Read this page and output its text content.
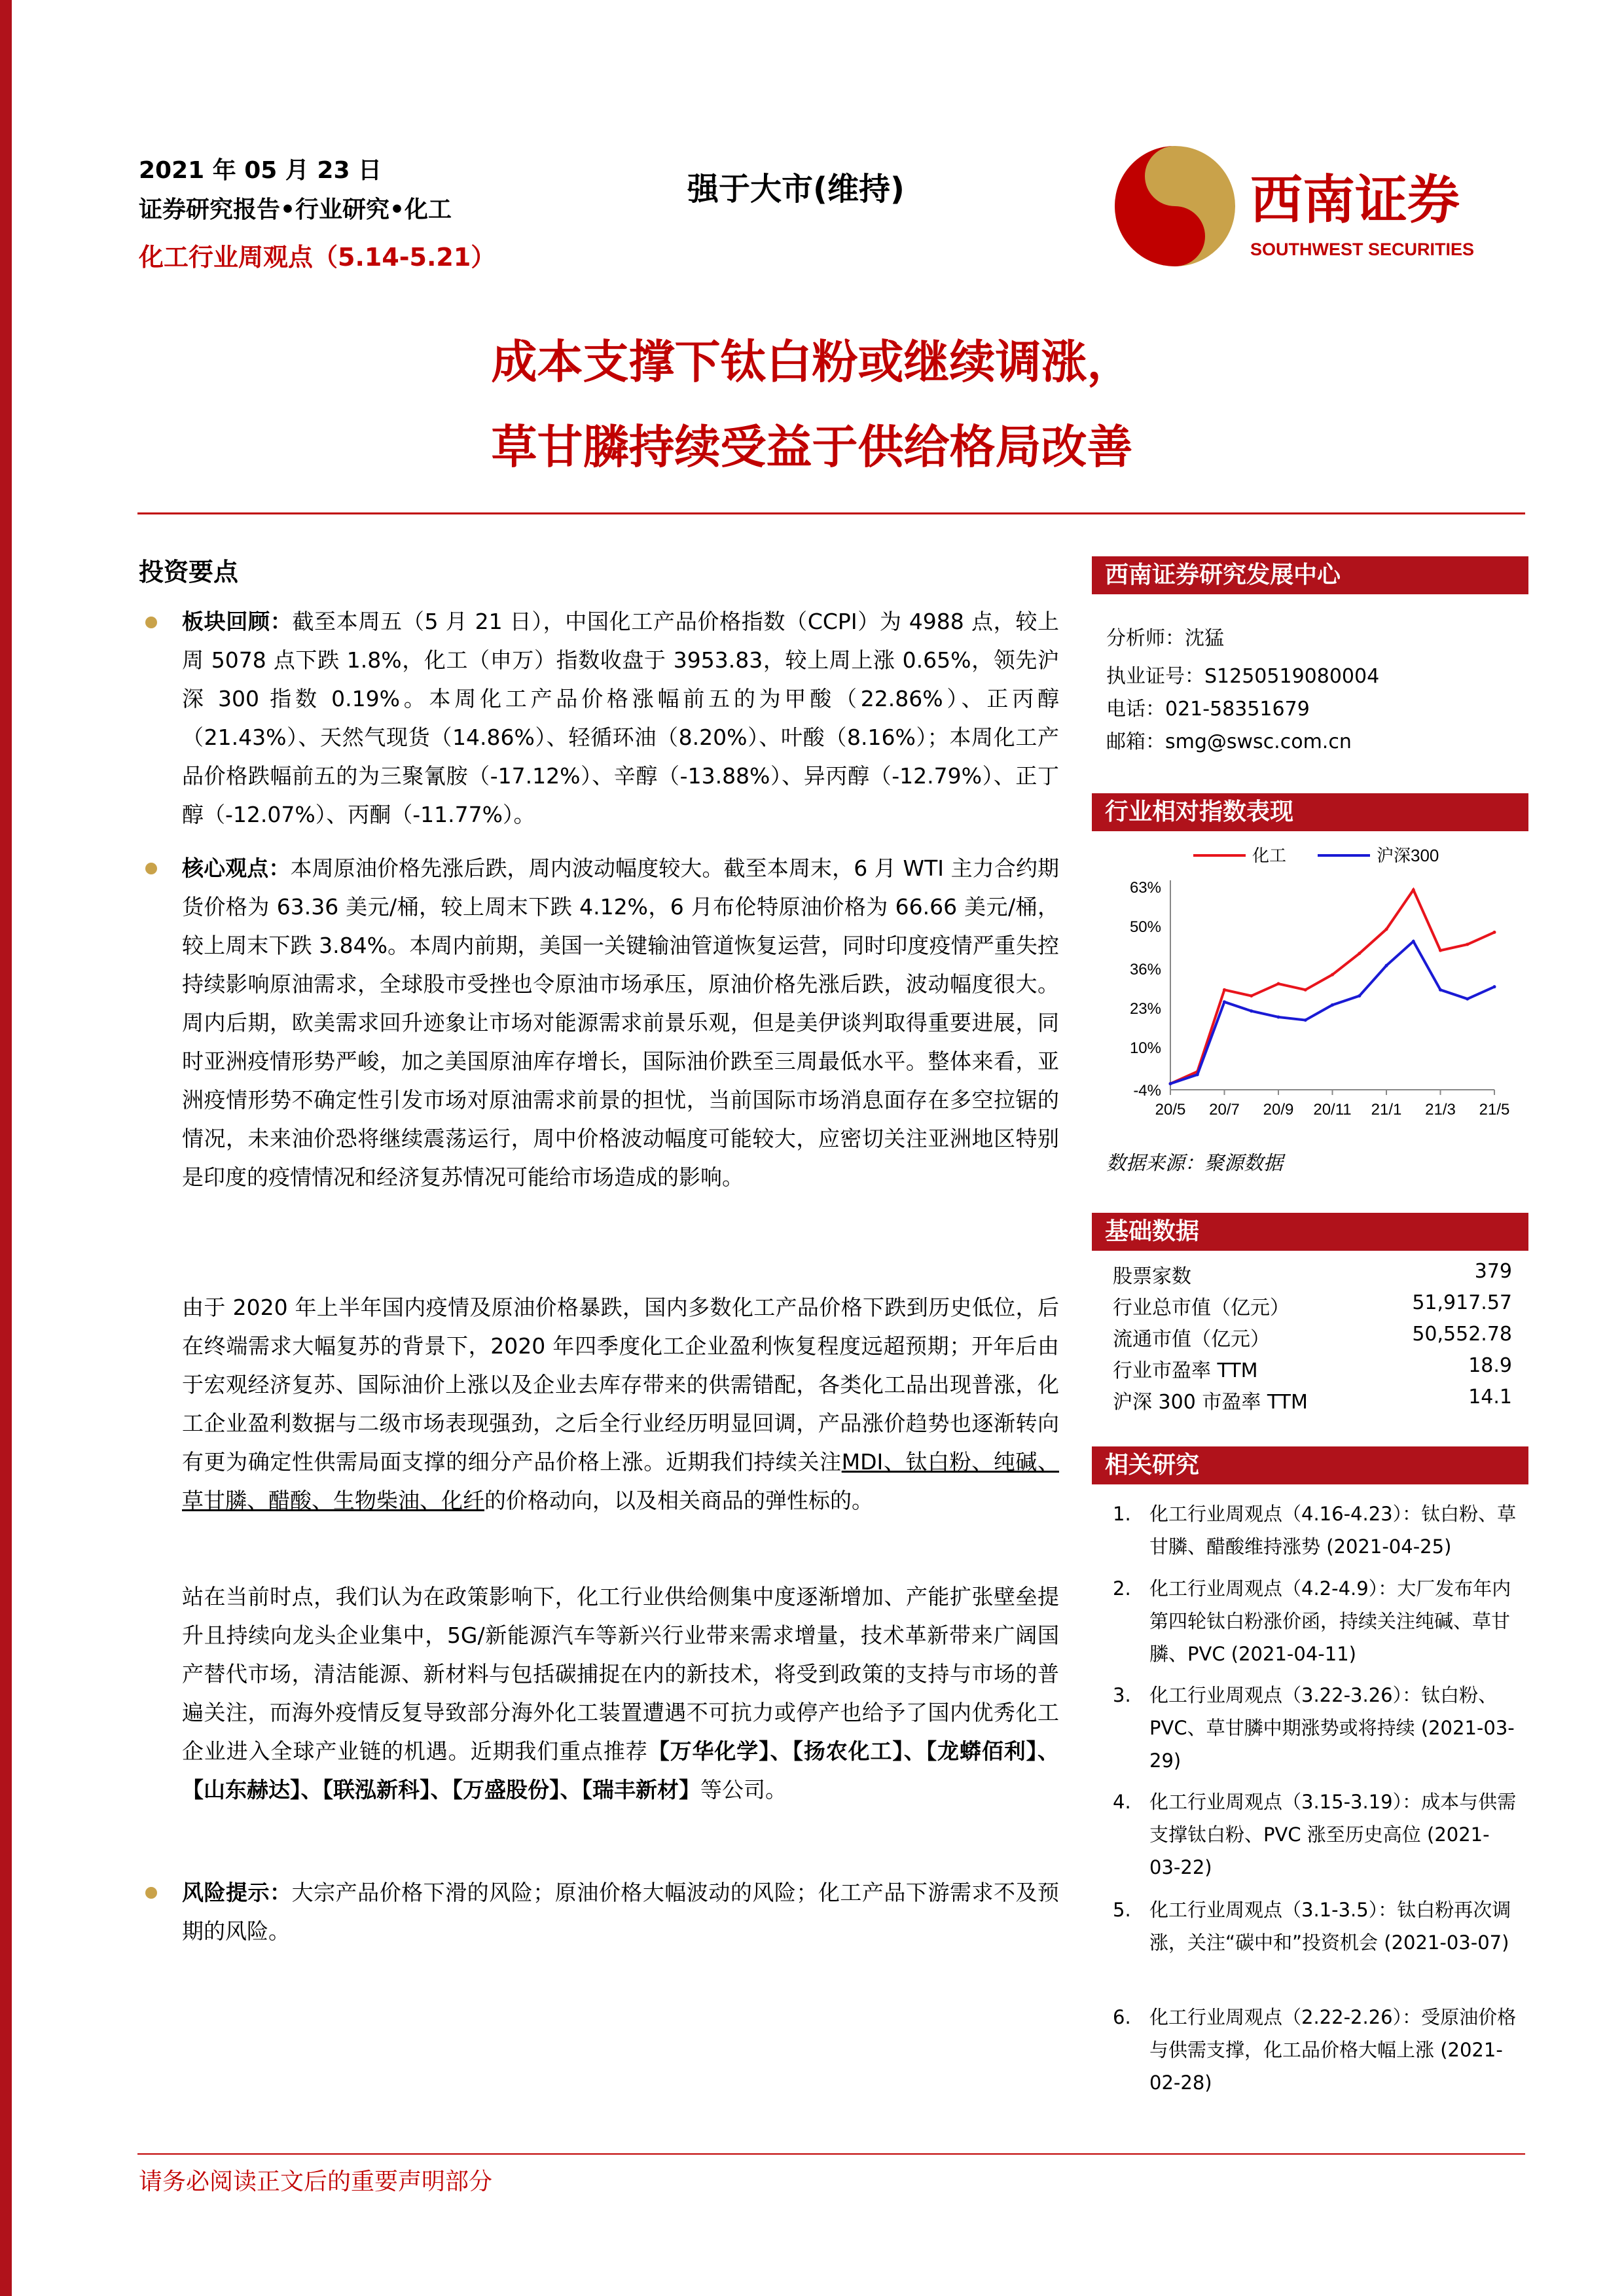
2021 年 05 月 23 日
证券研究报告•行业研究•化工
化工行业周观点（5.14-5.21）
强于大市(维持)	西南证券
SOUTHWEST SECURITIES
成本支撑下钛白粉或继续调涨，
草甘膦持续受益于供给格局改善
投资要点
板块回顾：截至本周五（5 月 21 日），中国化工产品价格指数（CCPI）为 4988 点，较上周 5078 点下跌 1.8%，化工（申万）指数收盘于 3953.83，较上周上涨 0.65%，领先沪深 300 指数 0.19%。本周化工产品价格涨幅前五的为甲酸（22.86%）、正丙醇（21.43%）、天然气现货（14.86%）、轻循环油（8.20%）、叶酸（8.16%）；本周化工产品价格跌幅前五的为三聚氰胺（-17.12%）、辛醇（-13.88%）、异丙醇（-12.79%）、正丁醇（-12.07%）、丙酮（-11.77%）。
核心观点：本周原油价格先涨后跌，周内波动幅度较大。截至本周末，6 月 WTI 主力合约期货价格为 63.36 美元/桶，较上周末下跌 4.12%，6 月布伦特原油价格为 66.66 美元/桶，较上周末下跌 3.84%。本周内前期，美国一关键输油管道恢复运营，同时印度疫情严重失控持续影响原油需求，全球股市受挫也令原油市场承压，原油价格先涨后跌，波动幅度很大。周内后期，欧美需求回升迹象让市场对能源需求前景乐观，但是美伊谈判取得重要进展，同时亚洲疫情形势严峻，加之美国原油库存增长，国际油价跌至三周最低水平。整体来看，亚洲疫情形势不确定性引发市场对原油需求前景的担忧，当前国际市场消息面存在多空拉锯的情况，未来油价恐将继续震荡运行，周中价格波动幅度可能较大，应密切关注亚洲地区特别是印度的疫情情况和经济复苏情况可能给市场造成的影响。
由于 2020 年上半年国内疫情及原油价格暴跌，国内多数化工产品价格下跌到历史低位，后在终端需求大幅复苏的背景下，2020 年四季度化工企业盈利恢复程度远超预期；开年后由于宏观经济复苏、国际油价上涨以及企业去库存带来的供需错配，各类化工品出现普涨，化工企业盈利数据与二级市场表现强劲，之后全行业经历明显回调，产品涨价趋势也逐渐转向有更为确定性供需局面支撑的细分产品价格上涨。近期我们持续关注MDI、钛白粉、纯碱、草甘膦、醋酸、生物柴油、化纤的价格动向，以及相关商品的弹性标的。
站在当前时点，我们认为在政策影响下，化工行业供给侧集中度逐渐增加、产能扩张壁垒提升且持续向龙头企业集中，5G/新能源汽车等新兴行业带来需求增量，技术革新带来广阔国产替代市场，清洁能源、新材料与包括碳捕捉在内的新技术，将受到政策的支持与市场的普遍关注，而海外疫情反复导致部分海外化工装置遭遇不可抗力或停产也给予了国内优秀化工企业进入全球产业链的机遇。近期我们重点推荐【万华化学】、【扬农化工】、【龙蟒佰利】、【山东赫达】、【联泓新科】、【万盛股份】、【瑞丰新材】等公司。
风险提示：大宗产品价格下滑的风险；原油价格大幅波动的风险；化工产品下游需求不及预期的风险。
西南证券研究发展中心
分析师：沈猛
执业证号：S1250519080004
电话：021-58351679
邮箱：smg@swsc.com.cn
行业相对指数表现
63%
50%
36%
23%
10%
-4%
20/5 20/7 20/9 20/11 21/1 21/3 21/5
化工	沪深300
数据来源：聚源数据
基础数据
股票家数	379
行业总市值（亿元）	51,917.57
流通市值（亿元）	50,552.78
行业市盈率 TTM	18.9
沪深 300 市盈率 TTM	14.1
相关研究
1. 化工行业周观点（4.16-4.23）：钛白粉、草甘膦、醋酸维持涨势 (2021-04-25)
2. 化工行业周观点（4.2-4.9）：大厂发布年内第四轮钛白粉涨价函，持续关注纯碱、草甘膦、PVC (2021-04-11)
3. 化工行业周观点（3.22-3.26）：钛白粉、PVC、草甘膦中期涨势或将持续 (2021-03-29)
4. 化工行业周观点（3.15-3.19）：成本与供需支撑钛白粉、PVC 涨至历史高位 (2021-03-22)
5. 化工行业周观点（3.1-3.5）：钛白粉再次调涨，关注“碳中和”投资机会 (2021-03-07)
6. 化工行业周观点（2.22-2.26）：受原油价格与供需支撑，化工品价格大幅上涨 (2021-02-28)
请务必阅读正文后的重要声明部分
